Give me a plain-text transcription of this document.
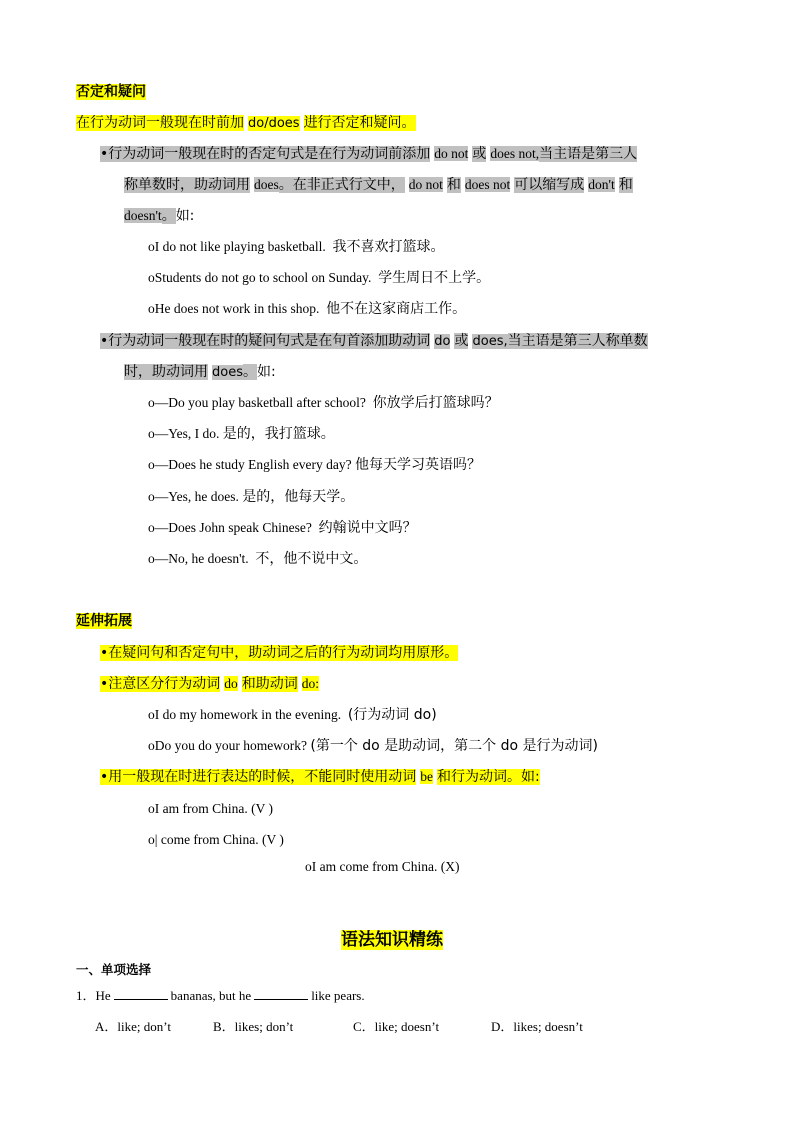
否定和疑问
在行为动词一般现在时前加 do/does 进行否定和疑问。
•行为动词一般现在时的否定句式是在行为动词前添加 do not 或 does not,当主语是第三人
称单数时，助动词用 does。在非正式行文中， do not 和 does not 可以缩写成 don't 和
doesn't。如:
oI do not like playing basketball. 我不喜欢打篮球。
oStudents do not go to school on Sunday. 学生周日不上学。
oHe does not work in this shop. 他不在这家商店工作。
•行为动词一般现在时的疑问句式是在句首添加助动词 do 或 does,当主语是第三人称单数
时，助动词用 does。如:
o—Do you play basketball after school? 你放学后打篮球吗？
o—Yes, I do. 是的，我打篮球。
o—Does he study English every day? 他每天学习英语吗？
o—Yes, he does. 是的，他每天学。
o—Does John speak Chinese? 约翰说中文吗？
o—No, he doesn't. 不，他不说中文。
延伸拓展
•在疑问句和否定句中，助动词之后的行为动词均用原形。
•注意区分行为动词 do 和助动词 do:
oI do my homework in the evening. (行为动词 do)
oDo you do your homework? (第一个 do 是助动词，第二个 do 是行为动词)
•用一般现在时进行表达的时候，不能同时使用动词 be 和行为动词。如:
oI am from China. (V )
o| come from China. (V )
oI am come from China. (X)
语法知识精练
一、单项选择
1．He	bananas, but he	like pears.
A．like; don’t	B．likes; don’t	C．like; doesn’t	D．likes; doesn’t
